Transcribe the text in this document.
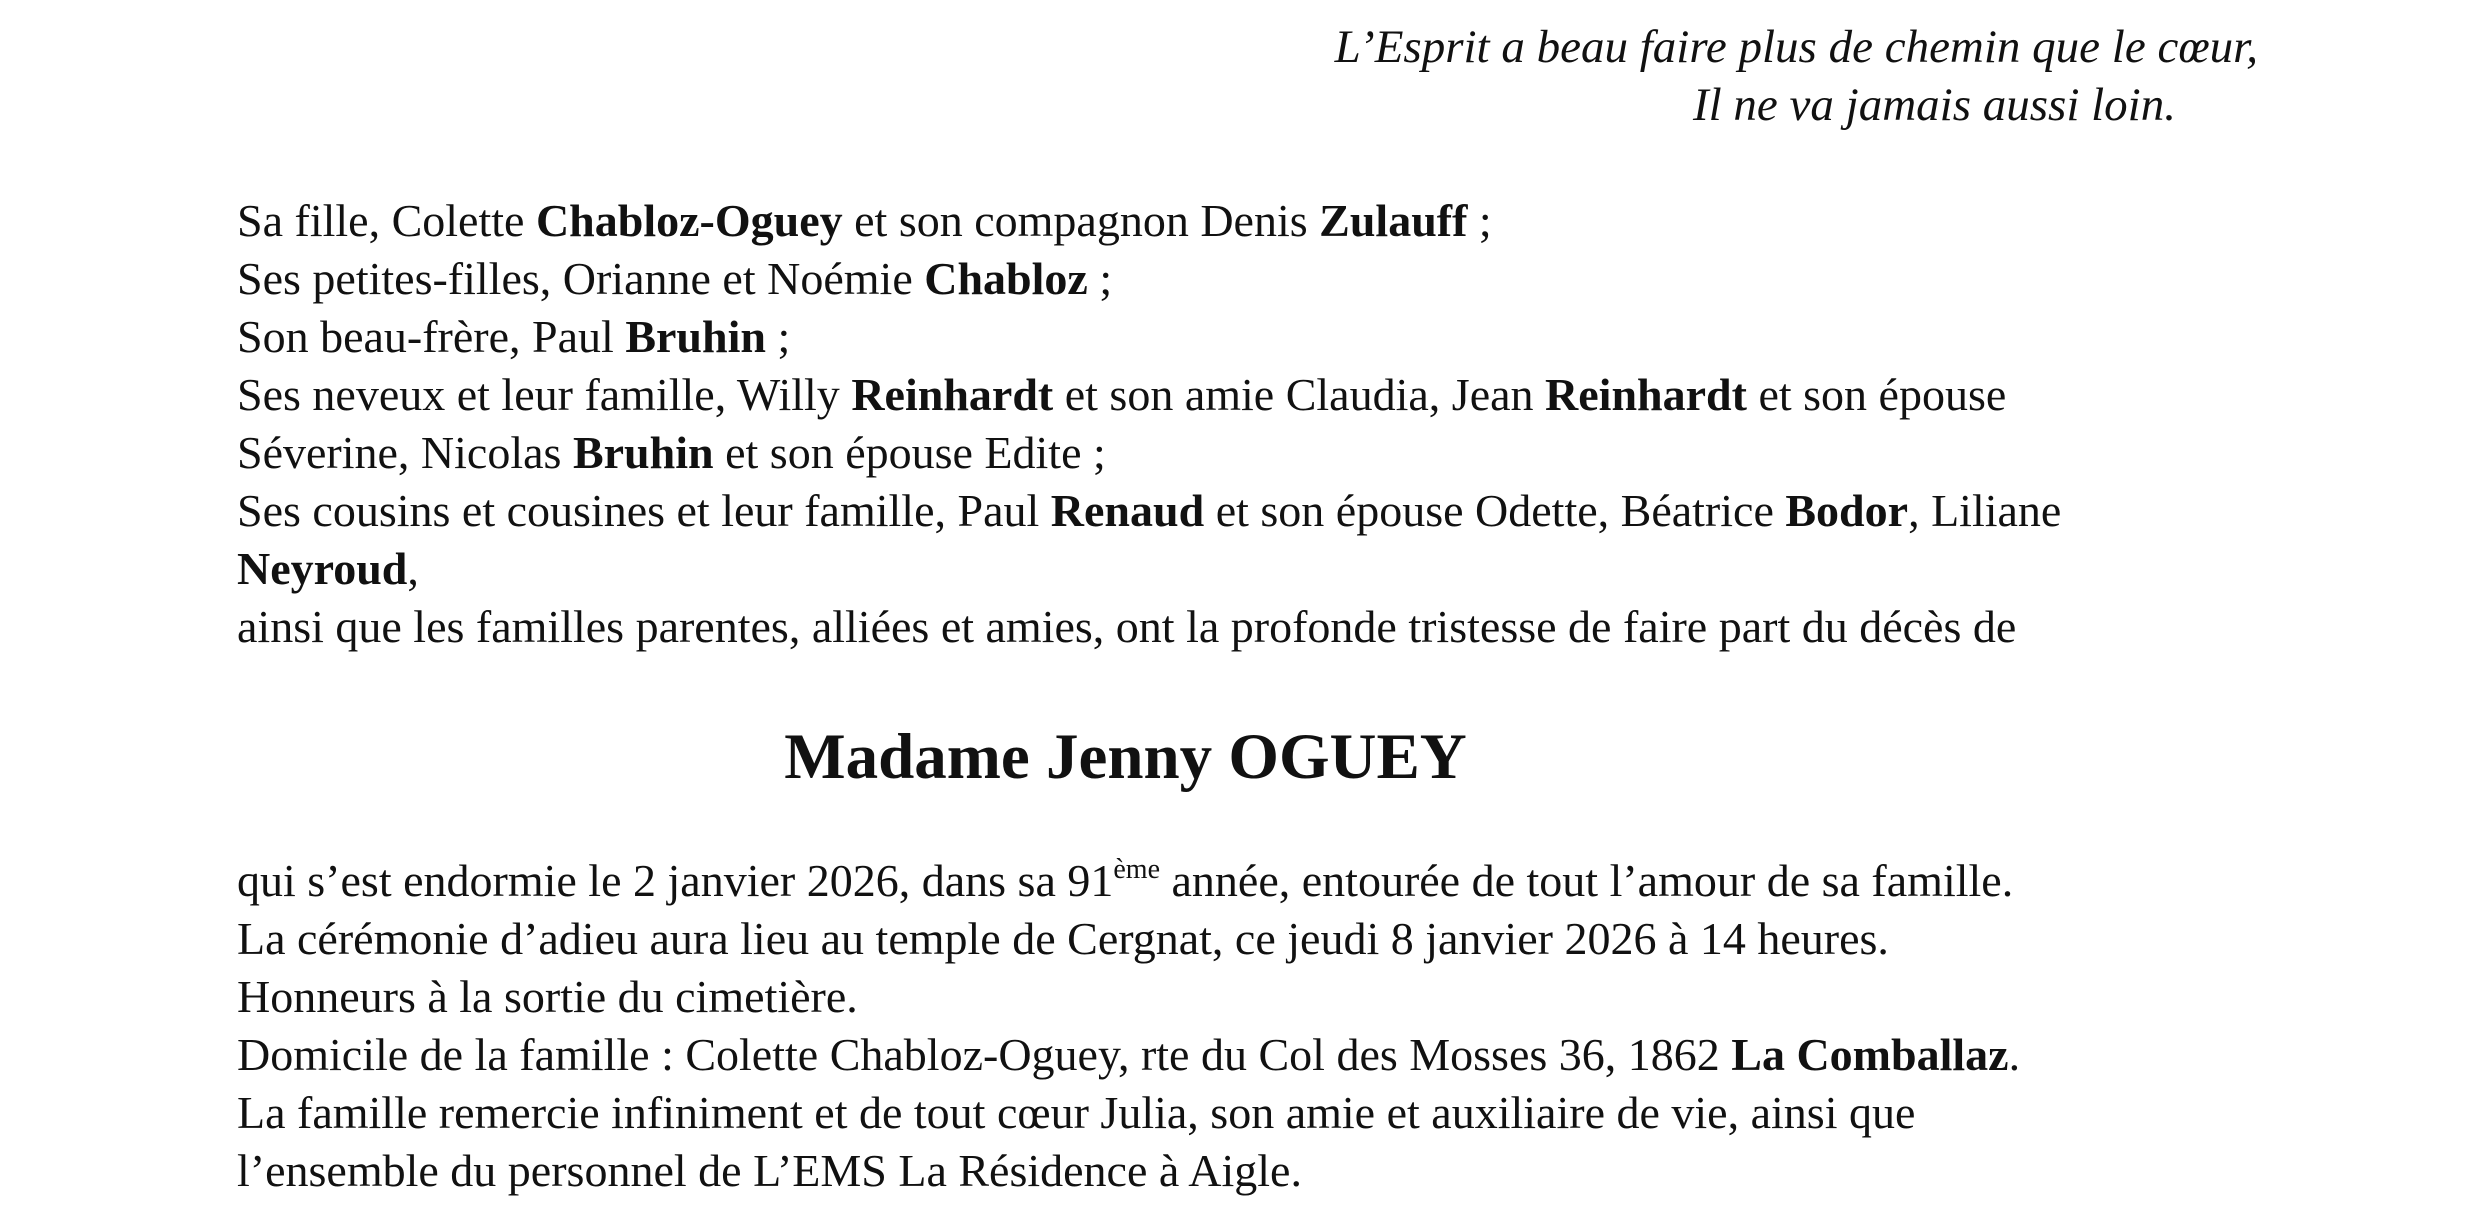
L’Esprit a beau faire plus de chemin que le cœur,
Il ne va jamais aussi loin.
Sa fille, Colette Chabloz-Oguey et son compagnon Denis Zulauff ;
Ses petites-filles, Orianne et Noémie Chabloz ;
Son beau-frère, Paul Bruhin ;
Ses neveux et leur famille, Willy Reinhardt et son amie Claudia, Jean Reinhardt et son épouse
Séverine, Nicolas Bruhin et son épouse Edite ;
Ses cousins et cousines et leur famille, Paul Renaud et son épouse Odette, Béatrice Bodor, Liliane
Neyroud,
ainsi que les familles parentes, alliées et amies, ont la profonde tristesse de faire part du décès de
Madame Jenny OGUEY
qui s’est endormie le 2 janvier 2026, dans sa 91ème année, entourée de tout l’amour de sa famille.
La cérémonie d’adieu aura lieu au temple de Cergnat, ce jeudi 8 janvier 2026 à 14 heures.
Honneurs à la sortie du cimetière.
Domicile de la famille : Colette Chabloz-Oguey, rte du Col des Mosses 36, 1862 La Comballaz.
La famille remercie infiniment et de tout cœur Julia, son amie et auxiliaire de vie, ainsi que
l’ensemble du personnel de L’EMS La Résidence à Aigle.
